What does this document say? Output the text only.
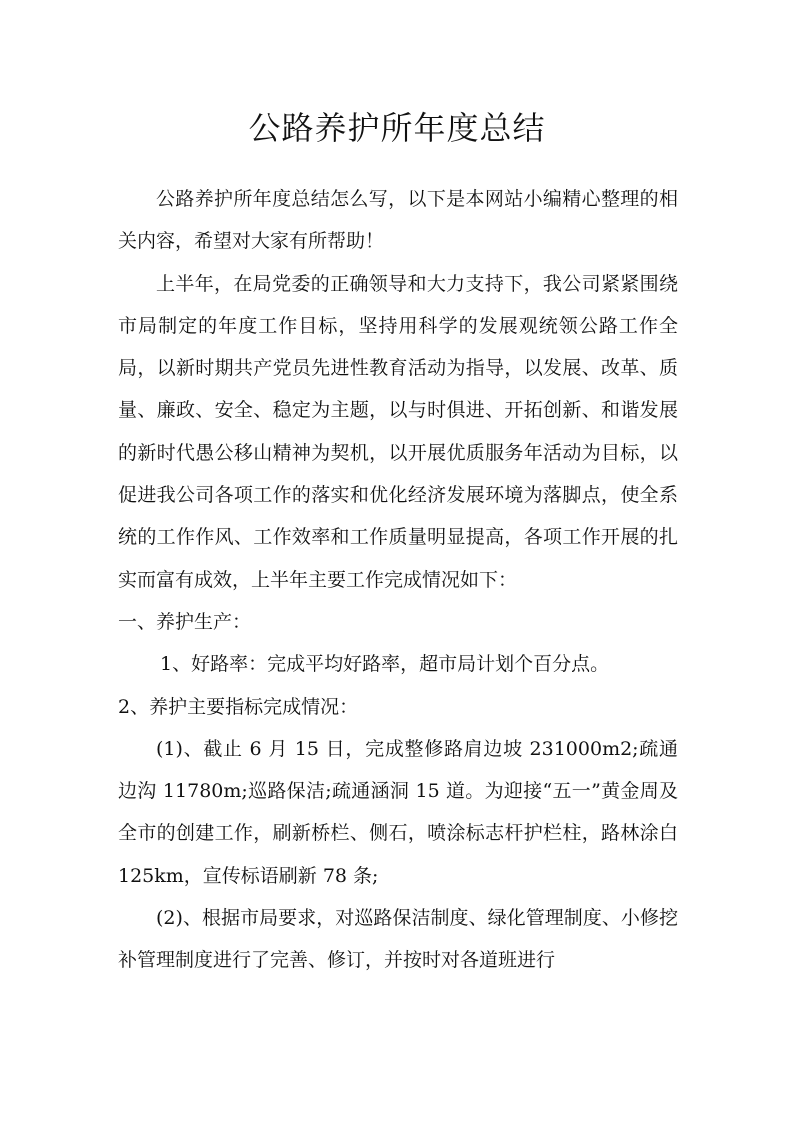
公路养护所年度总结

公路养护所年度总结怎么写，以下是本网站小编精心整理的相关内容，希望对大家有所帮助！

上半年，在局党委的正确领导和大力支持下，我公司紧紧围绕市局制定的年度工作目标，坚持用科学的发展观统领公路工作全局，以新时期共产党员先进性教育活动为指导，以发展、改革、质量、廉政、安全、稳定为主题，以与时俱进、开拓创新、和谐发展的新时代愚公移山精神为契机，以开展优质服务年活动为目标，以促进我公司各项工作的落实和优化经济发展环境为落脚点，使全系统的工作作风、工作效率和工作质量明显提高，各项工作开展的扎实而富有成效，上半年主要工作完成情况如下：

一、养护生产：

1、好路率：完成平均好路率，超市局计划个百分点。

2、养护主要指标完成情况：

(1)、截止 6 月 15 日，完成整修路肩边坡 231000m2;疏通边沟 11780m;巡路保洁;疏通涵洞 15 道。为迎接“五一”黄金周及全市的创建工作，刷新桥栏、侧石，喷涂标志杆护栏柱，路林涂白 125km，宣传标语刷新 78 条;

(2)、根据市局要求，对巡路保洁制度、绿化管理制度、小修挖补管理制度进行了完善、修订，并按时对各道班进行
